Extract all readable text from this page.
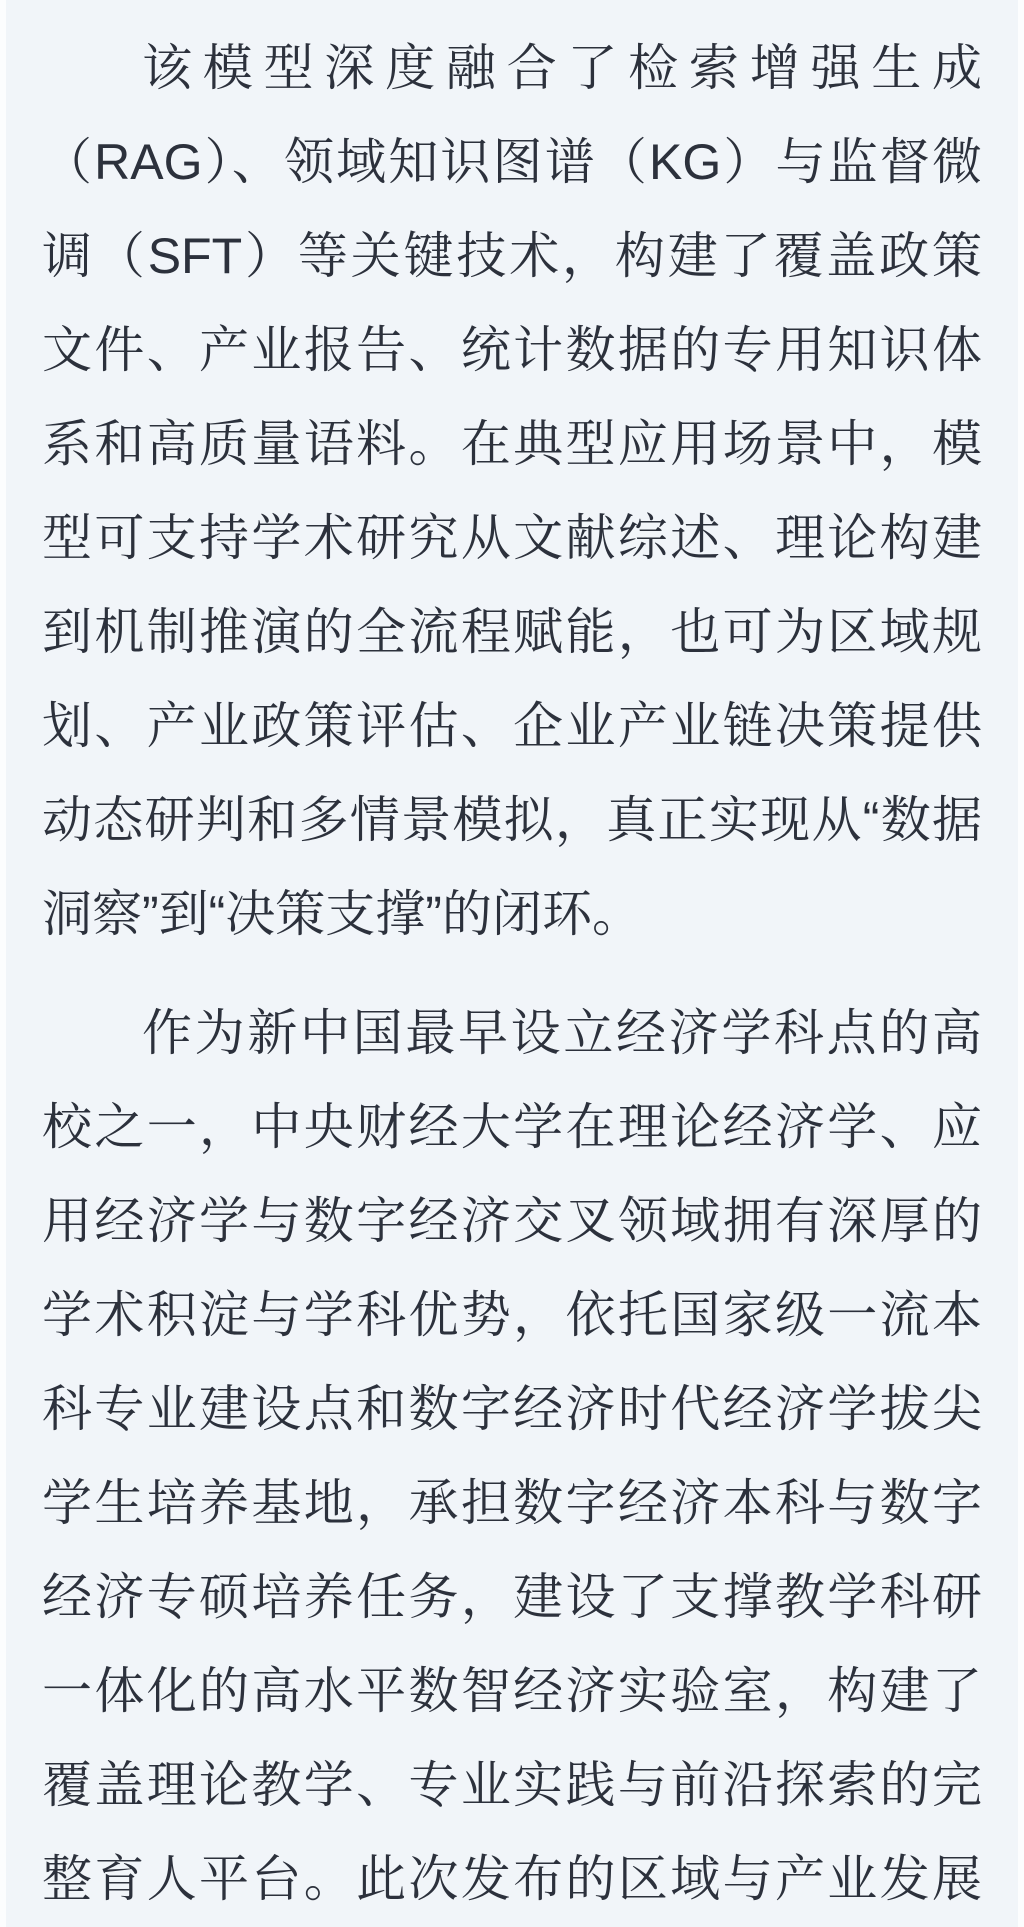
该模型深度融合了检索增强生成
（RAG）、领域知识图谱（KG）与监督微
调（SFT）等关键技术，构建了覆盖政策
文件、产业报告、统计数据的专用知识体
系和高质量语料。在典型应用场景中，模
型可支持学术研究从文献综述、理论构建
到机制推演的全流程赋能，也可为区域规
划、产业政策评估、企业产业链决策提供
动态研判和多情景模拟，真正实现从“数据
洞察”到“决策支撑”的闭环。
作为新中国最早设立经济学科点的高
校之一，中央财经大学在理论经济学、应
用经济学与数字经济交叉领域拥有深厚的
学术积淀与学科优势，依托国家级一流本
科专业建设点和数字经济时代经济学拔尖
学生培养基地，承担数字经济本科与数字
经济专硕培养任务，建设了支撑教学科研
一体化的高水平数智经济实验室，构建了
覆盖理论教学、专业实践与前沿探索的完
整育人平台。此次发布的区域与产业发展
